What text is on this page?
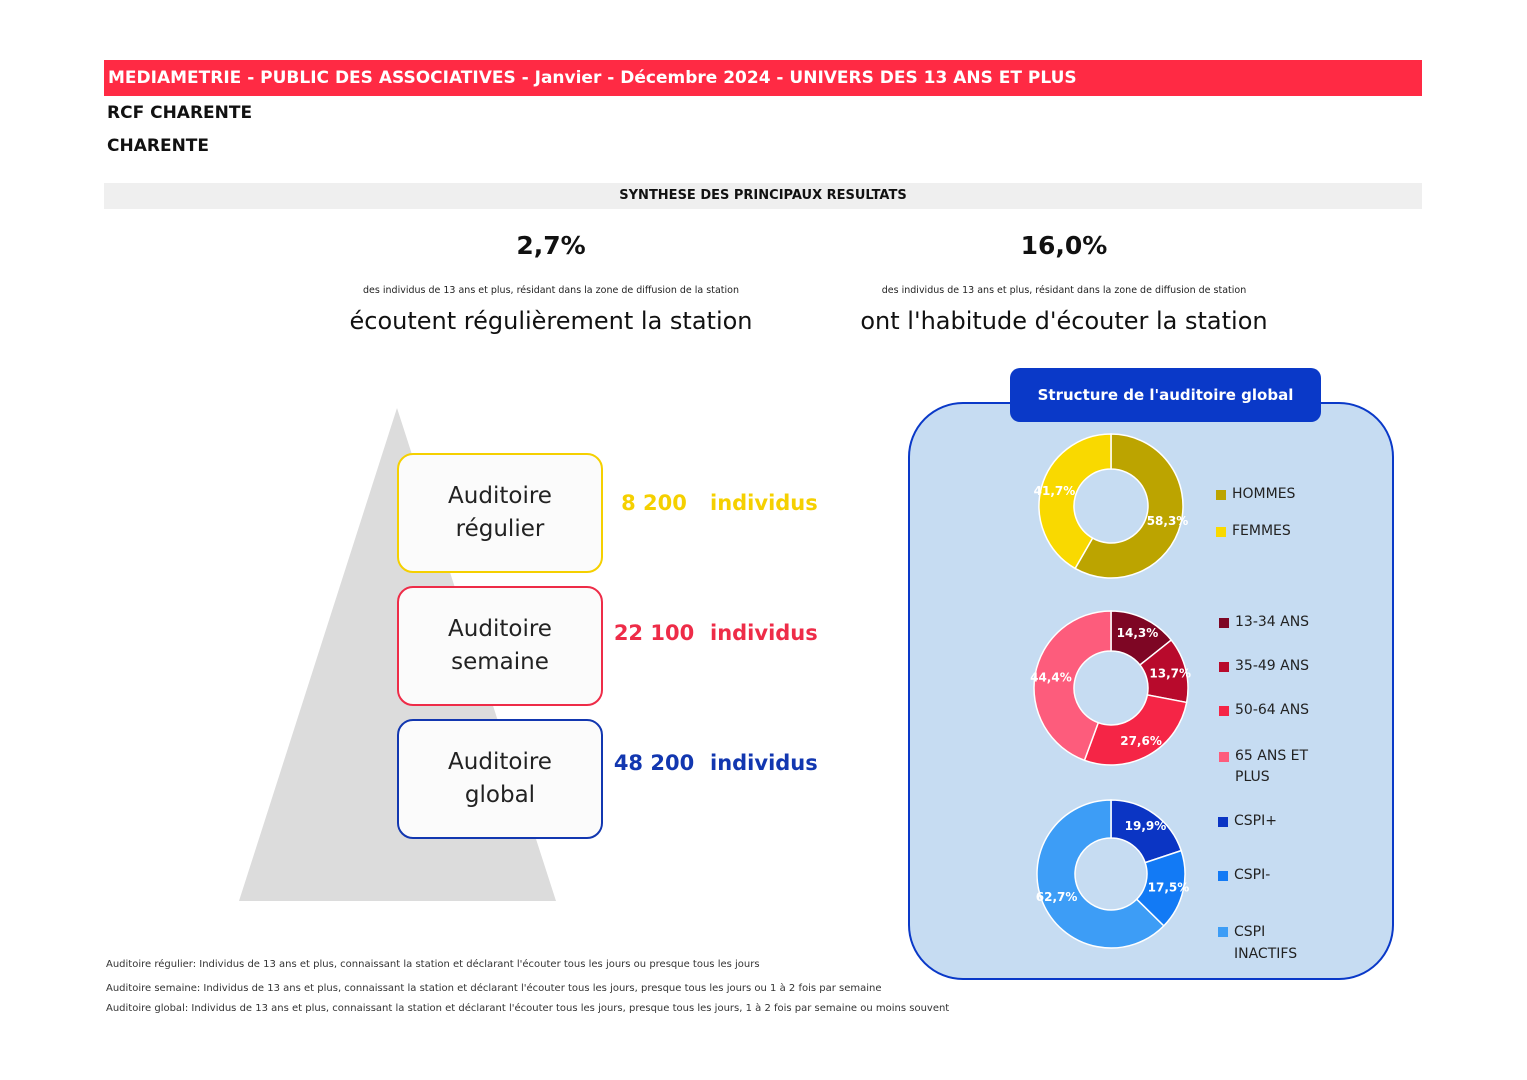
MEDIAMETRIE - PUBLIC DES ASSOCIATIVES - Janvier - Décembre 2024 - UNIVERS DES 13 ANS ET PLUS
RCF CHARENTE
CHARENTE
SYNTHESE DES PRINCIPAUX RESULTATS
2,7%
des individus de 13 ans et plus, résidant dans la zone de diffusion de la station
écoutent régulièrement la station
16,0%
des individus de 13 ans et plus, résidant dans la zone de diffusion de station
ont l'habitude d'écouter la station
Auditoire
régulier
8 200	individus
Auditoire
semaine
22 100 individus
Auditoire
global
48 200 individus
Structure de l'auditoire global
58,3%
41,7%
14,3%
13,7%
27,6%
44,4%
19,9%
17,5%
62,7%
HOMMES
FEMMES
13-34 ANS
35-49 ANS
50-64 ANS
65 ANS ET PLUS
CSPI+
CSPI-
CSPI INACTIFS
Auditoire régulier: Individus de 13 ans et plus, connaissant la station et déclarant l'écouter tous les jours ou presque tous les jours
Auditoire semaine: Individus de 13 ans et plus, connaissant la station et déclarant l'écouter tous les jours, presque tous les jours ou 1 à 2 fois par semaine
Auditoire global: Individus de 13 ans et plus, connaissant la station et déclarant l'écouter tous les jours, presque tous les jours, 1 à 2 fois par semaine ou moins souvent
